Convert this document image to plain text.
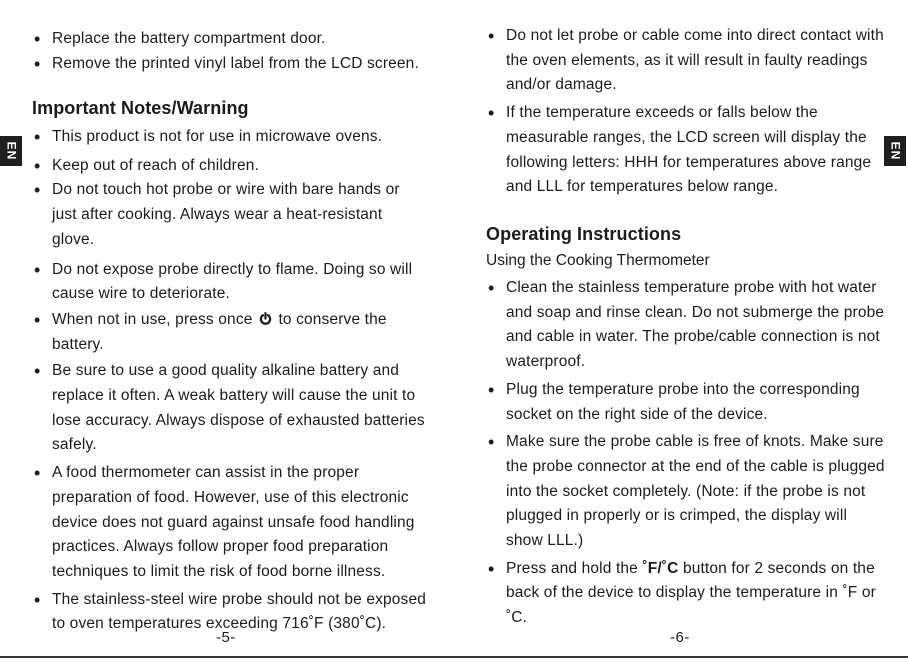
EN	EN
• Replace the battery compartment door.
• Remove the printed vinyl label from the LCD screen.
Important Notes/Warning
• This product is not for use in microwave ovens.
• Keep out of reach of children.
• Do not touch hot probe or wire with bare hands or just after cooking. Always wear a heat-resistant glove.
• Do not expose probe directly to flame. Doing so will cause wire to deteriorate.
• When not in use, press once to conserve the battery.
• Be sure to use a good quality alkaline battery and replace it often. A weak battery will cause the unit to lose accuracy. Always dispose of exhausted batteries safely.
• A food thermometer can assist in the proper preparation of food. However, use of this electronic device does not guard against unsafe food handling practices. Always follow proper food preparation techniques to limit the risk of food borne illness.
• The stainless-steel wire probe should not be exposed to oven temperatures exceeding 716˚F (380˚C).
-5-
• Do not let probe or cable come into direct contact with the oven elements, as it will result in faulty readings and/or damage.
• If the temperature exceeds or falls below the measurable ranges, the LCD screen will display the following letters: HHH for temperatures above range and LLL for temperatures below range.
Operating Instructions

Using the Cooking Thermometer

• Clean the stainless temperature probe with hot water and soap and rinse clean. Do not submerge the probe and cable in water. The probe/cable connection is not waterproof.
• Plug the temperature probe into the corresponding socket on the right side of the device.
• Make sure the probe cable is free of knots. Make sure the probe connector at the end of the cable is plugged into the socket completely. (Note: if the probe is not plugged in properly or is crimped, the display will show LLL.)
• Press and hold the ˚F/˚C button for 2 seconds on the back of the device to display the temperature in ˚F or ˚C.
-6-
